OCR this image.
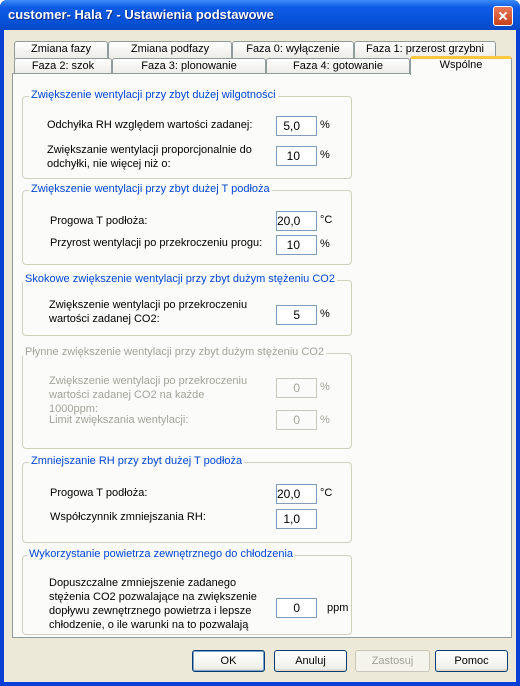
customer- Hala 7 - Ustawienia podstawowe
Zmiana fazy	Zmiana podfazy	Faza 0: wyłączenie	Faza 1: przerost grzybni
Faza 2: szok	Faza 3: plonowanie	Faza 4: gotowanie	Wspólne
Zwiększenie wentylacji przy zbyt dużej wilgotności
Odchyłka RH względem wartości zadanej:	5,0	%
Zwiększanie wentylacji proporcjonalnie do odchyłki, nie więcej niż o:
10	%
Zwiększenie wentylacji przy zbyt dużej T podłoża
Progowa T podłoża:	20,0	°C
Przyrost wentylacji po przekroczeniu progu:	10	%
Skokowe zwiększenie wentylacji przy zbyt dużym stężeniu CO2
Zwiększenie wentylacji po przekroczeniu wartości zadanej CO2:	5	%
Płynne zwiększenie wentylacji przy zbyt dużym stężeniu CO2
Zwiększenie wentylacji po przekroczeniu wartości zadanej CO2 na każde 1000ppm:
0	%
Limit zwiększania wentylacji:	0	%
Zmniejszanie RH przy zbyt dużej T podłoża
Progowa T podłoża:	20,0	°C
Współczynnik zmniejszania RH:	1,0
Wykorzystanie powietrza zewnętrznego do chłodzenia
Dopuszczalne zmniejszenie zadanego stężenia CO2 pozwalające na zwiększenie dopływu zewnętrznego powietrza i lepsze chłodzenie, o ile warunki na to pozwalają
0	ppm
OK	Anuluj	Zastosuj	Pomoc
